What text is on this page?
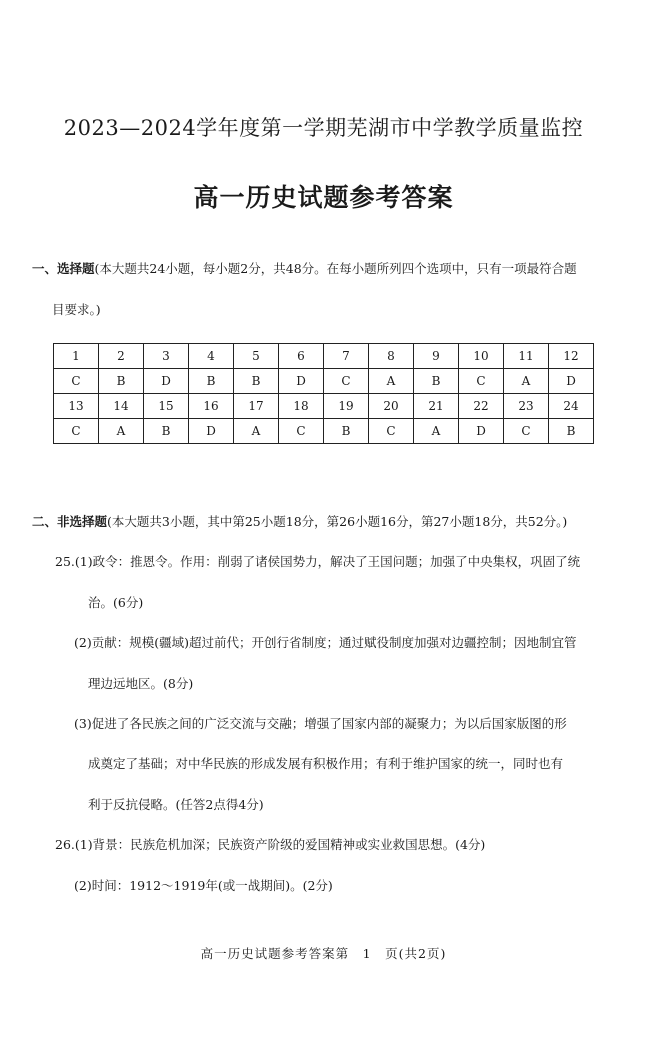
2023—2024学年度第一学期芜湖市中学教学质量监控
高一历史试题参考答案
一、选择题(本大题共24小题，每小题2分，共48分。在每小题所列四个选项中，只有一项最符合题
目要求。)
1	2	3	4	5	6	7	8	9	10	11	12
C	B	D	B	B	D	C	A	B	C	A	D
13	14	15	16	17	18	19	20	21	22	23	24
C	A	B	D	A	C	B	C	A	D	C	B
二、非选择题(本大题共3小题，其中第25小题18分，第26小题16分，第27小题18分，共52分。)
25.(1)政令：推恩令。作用：削弱了诸侯国势力，解决了王国问题；加强了中央集权，巩固了统
治。(6分)
(2)贡献：规模(疆域)超过前代；开创行省制度；通过赋役制度加强对边疆控制；因地制宜管
理边远地区。(8分)
(3)促进了各民族之间的广泛交流与交融；增强了国家内部的凝聚力；为以后国家版图的形
成奠定了基础；对中华民族的形成发展有积极作用；有利于维护国家的统一，同时也有
利于反抗侵略。(任答2点得4分)
26.(1)背景：民族危机加深；民族资产阶级的爱国精神或实业救国思想。(4分)
(2)时间：1912～1919年(或一战期间)。(2分)
高一历史试题参考答案第　1　页(共2页)
